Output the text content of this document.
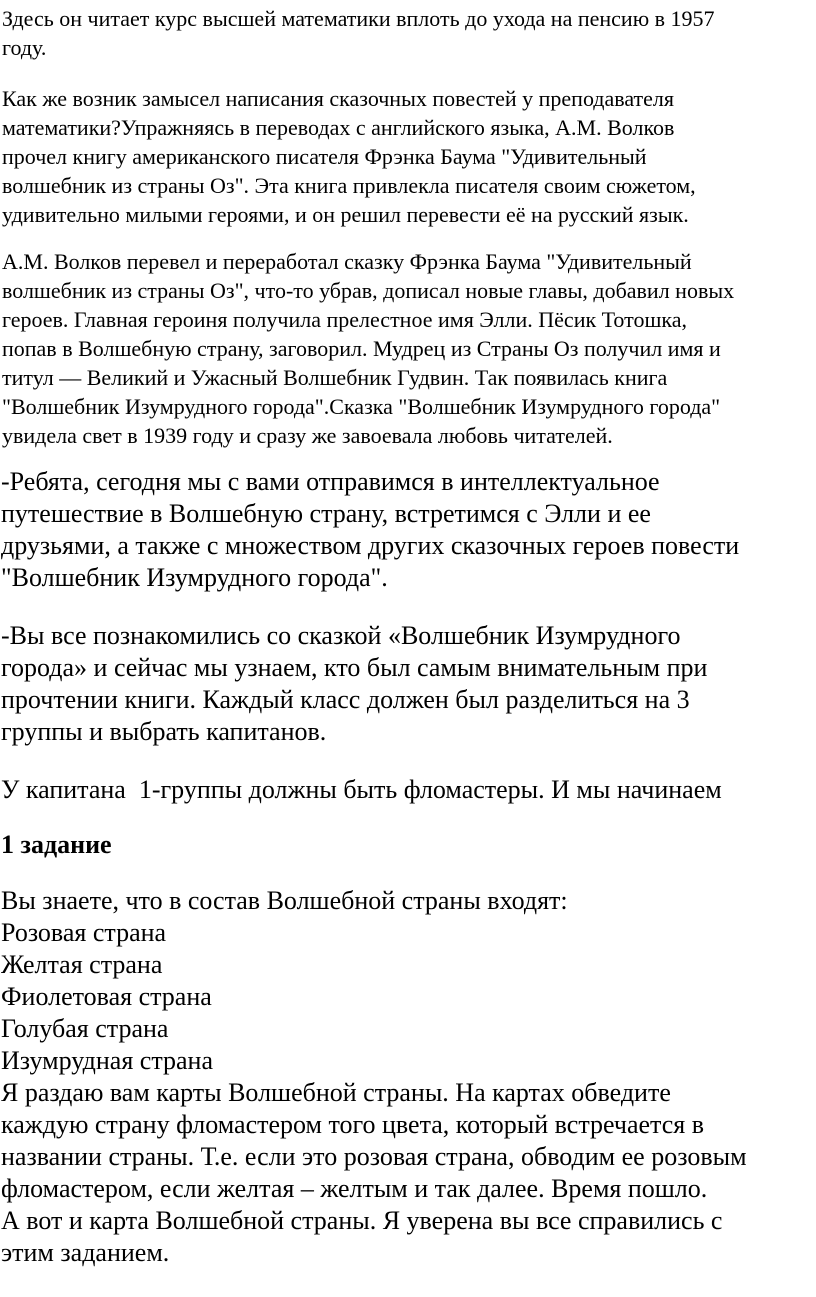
Здесь он читает курс высшей математики вплоть до ухода на пенсию в 1957
году.

Как же возник замысел написания сказочных повестей у преподавателя
математики?Упражняясь в переводах с английского языка, А.М. Волков
прочел книгу американского писателя Фрэнка Баума "Удивительный
волшебник из страны Оз". Эта книга привлекла писателя своим сюжетом,
удивительно милыми героями, и он решил перевести её на русский язык.

А.М. Волков перевел и переработал сказку Фрэнка Баума "Удивительный
волшебник из страны Оз", что-то убрав, дописал новые главы, добавил новых
героев. Главная героиня получила прелестное имя Элли. Пёсик Тотошка,
попав в Волшебную страну, заговорил. Мудрец из Страны Оз получил имя и
титул — Великий и Ужасный Волшебник Гудвин. Так появилась книга
"Волшебник Изумрудного города".Сказка "Волшебник Изумрудного города"
увидела свет в 1939 году и сразу же завоевала любовь читателей.

-Ребята, сегодня мы с вами отправимся в интеллектуальное
путешествие в Волшебную страну, встретимся с Элли и ее
друзьями, а также с множеством других сказочных героев повести
"Волшебник Изумрудного города".

-Вы все познакомились со сказкой «Волшебник Изумрудного
города» и сейчас мы узнаем, кто был самым внимательным при
прочтении книги. Каждый класс должен был разделиться на 3
группы и выбрать капитанов.

У капитана  1-группы должны быть фломастеры. И мы начинаем

1 задание

Вы знаете, что в состав Волшебной страны входят:
Розовая страна
Желтая страна
Фиолетовая страна
Голубая страна
Изумрудная страна
Я раздаю вам карты Волшебной страны. На картах обведите
каждую страну фломастером того цвета, который встречается в
названии страны. Т.е. если это розовая страна, обводим ее розовым
фломастером, если желтая – желтым и так далее. Время пошло.
А вот и карта Волшебной страны. Я уверена вы все справились с
этим заданием.
